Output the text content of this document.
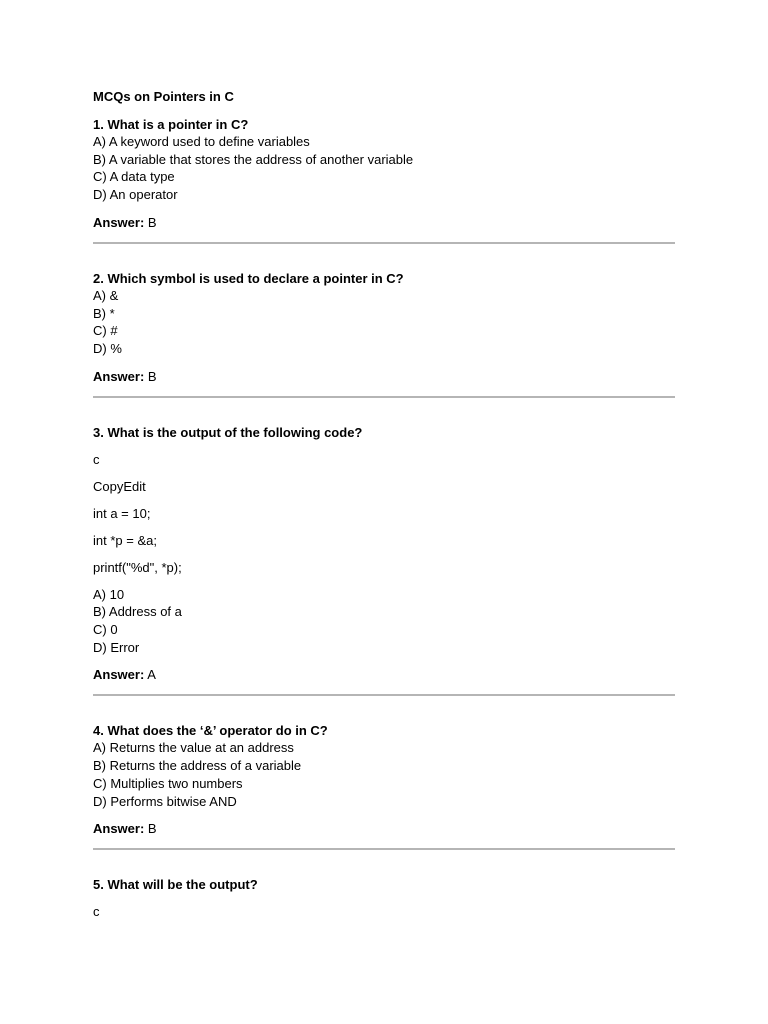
MCQs on Pointers in C
1. What is a pointer in C?
A) A keyword used to define variables
B) A variable that stores the address of another variable
C) A data type
D) An operator
Answer: B
2. Which symbol is used to declare a pointer in C?
A) &
B) *
C) #
D) %
Answer: B
3. What is the output of the following code?
c
CopyEdit
int a = 10;
int *p = &a;
printf("%d", *p);
A) 10
B) Address of a
C) 0
D) Error
Answer: A
4. What does the ‘&’ operator do in C?
A) Returns the value at an address
B) Returns the address of a variable
C) Multiplies two numbers
D) Performs bitwise AND
Answer: B
5. What will be the output?
c
